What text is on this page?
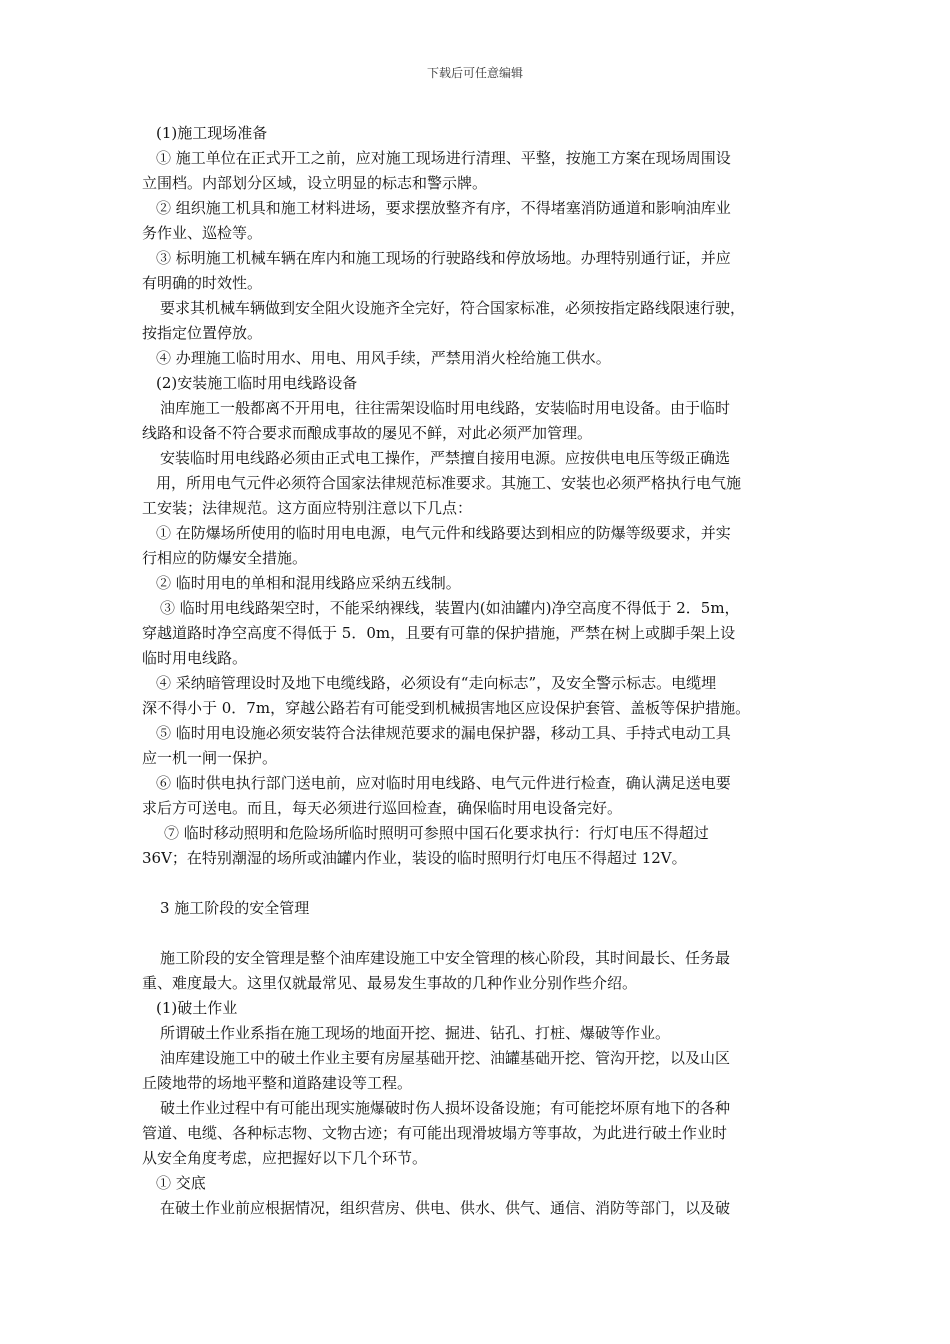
下载后可任意编辑
(1)施工现场准备
① 施工单位在正式开工之前，应对施工现场进行清理、平整，按施工方案在现场周围设
立围档。内部划分区域，设立明显的标志和警示牌。
② 组织施工机具和施工材料进场，要求摆放整齐有序，不得堵塞消防通道和影响油库业
务作业、巡检等。
③ 标明施工机械车辆在库内和施工现场的行驶路线和停放场地。办理特别通行证，并应
有明确的时效性。
要求其机械车辆做到安全阻火设施齐全完好，符合国家标准，必须按指定路线限速行驶，
按指定位置停放。
④ 办理施工临时用水、用电、用风手续，严禁用消火栓给施工供水。
(2)安装施工临时用电线路设备
油库施工一般都离不开用电，往往需架设临时用电线路，安装临时用电设备。由于临时
线路和设备不符合要求而酿成事故的屡见不鲜，对此必须严加管理。
安装临时用电线路必须由正式电工操作，严禁擅自接用电源。应按供电电压等级正确选
用，所用电气元件必须符合国家法律规范标准要求。其施工、安装也必须严格执行电气施
工安装；法律规范。这方面应特别注意以下几点：
① 在防爆场所使用的临时用电电源，电气元件和线路要达到相应的防爆等级要求，并实
行相应的防爆安全措施。
② 临时用电的单相和混用线路应采纳五线制。
③ 临时用电线路架空时，不能采纳裸线，装置内(如油罐内)净空高度不得低于 2．5m，
穿越道路时净空高度不得低于 5．0m，且要有可靠的保护措施，严禁在树上或脚手架上设
临时用电线路。
④ 采纳暗管理设时及地下电缆线路，必须设有“走向标志”，及安全警示标志。电缆埋
深不得小于 0．7m，穿越公路若有可能受到机械损害地区应设保护套管、盖板等保护措施。
⑤ 临时用电设施必须安装符合法律规范要求的漏电保护器，移动工具、手持式电动工具
应一机一闸一保护。
⑥ 临时供电执行部门送电前，应对临时用电线路、电气元件进行检查，确认满足送电要
求后方可送电。而且，每天必须进行巡回检查，确保临时用电设备完好。
⑦ 临时移动照明和危险场所临时照明可参照中国石化要求执行：行灯电压不得超过
36V；在特别潮湿的场所或油罐内作业，装设的临时照明行灯电压不得超过 12V。
3 施工阶段的安全管理
施工阶段的安全管理是整个油库建设施工中安全管理的核心阶段，其时间最长、任务最
重、难度最大。这里仅就最常见、最易发生事故的几种作业分别作些介绍。
(1)破土作业
所谓破土作业系指在施工现场的地面开挖、掘进、钻孔、打桩、爆破等作业。
油库建设施工中的破土作业主要有房屋基础开挖、油罐基础开挖、管沟开挖，以及山区
丘陵地带的场地平整和道路建设等工程。
破土作业过程中有可能出现实施爆破时伤人损坏设备设施；有可能挖坏原有地下的各种
管道、电缆、各种标志物、文物古迹；有可能出现滑坡塌方等事故，为此进行破土作业时
从安全角度考虑，应把握好以下几个环节。
① 交底
在破土作业前应根据情况，组织营房、供电、供水、供气、通信、消防等部门，以及破
